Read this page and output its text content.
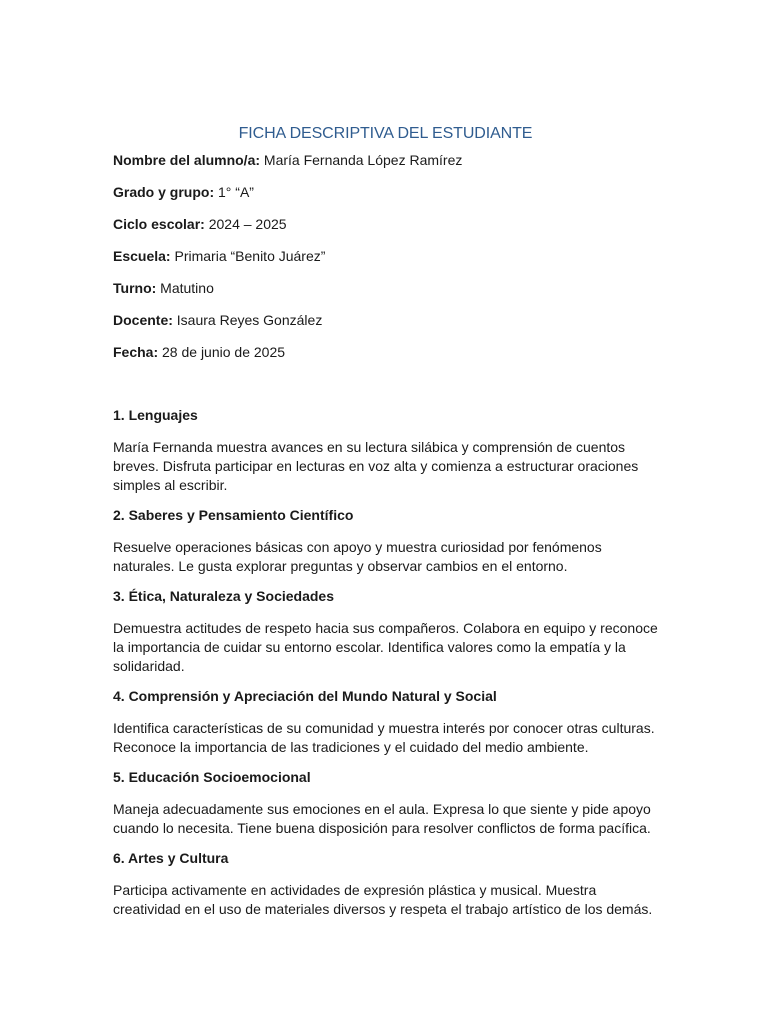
FICHA DESCRIPTIVA DEL ESTUDIANTE
Nombre del alumno/a: María Fernanda López Ramírez
Grado y grupo: 1° “A”
Ciclo escolar: 2024 – 2025
Escuela: Primaria “Benito Juárez”
Turno: Matutino
Docente: Isaura Reyes González
Fecha: 28 de junio de 2025
1. Lenguajes
María Fernanda muestra avances en su lectura silábica y comprensión de cuentos breves. Disfruta participar en lecturas en voz alta y comienza a estructurar oraciones simples al escribir.
2. Saberes y Pensamiento Científico
Resuelve operaciones básicas con apoyo y muestra curiosidad por fenómenos naturales. Le gusta explorar preguntas y observar cambios en el entorno.
3. Ética, Naturaleza y Sociedades
Demuestra actitudes de respeto hacia sus compañeros. Colabora en equipo y reconoce la importancia de cuidar su entorno escolar. Identifica valores como la empatía y la solidaridad.
4. Comprensión y Apreciación del Mundo Natural y Social
Identifica características de su comunidad y muestra interés por conocer otras culturas. Reconoce la importancia de las tradiciones y el cuidado del medio ambiente.
5. Educación Socioemocional
Maneja adecuadamente sus emociones en el aula. Expresa lo que siente y pide apoyo cuando lo necesita. Tiene buena disposición para resolver conflictos de forma pacífica.
6. Artes y Cultura
Participa activamente en actividades de expresión plástica y musical. Muestra creatividad en el uso de materiales diversos y respeta el trabajo artístico de los demás.
